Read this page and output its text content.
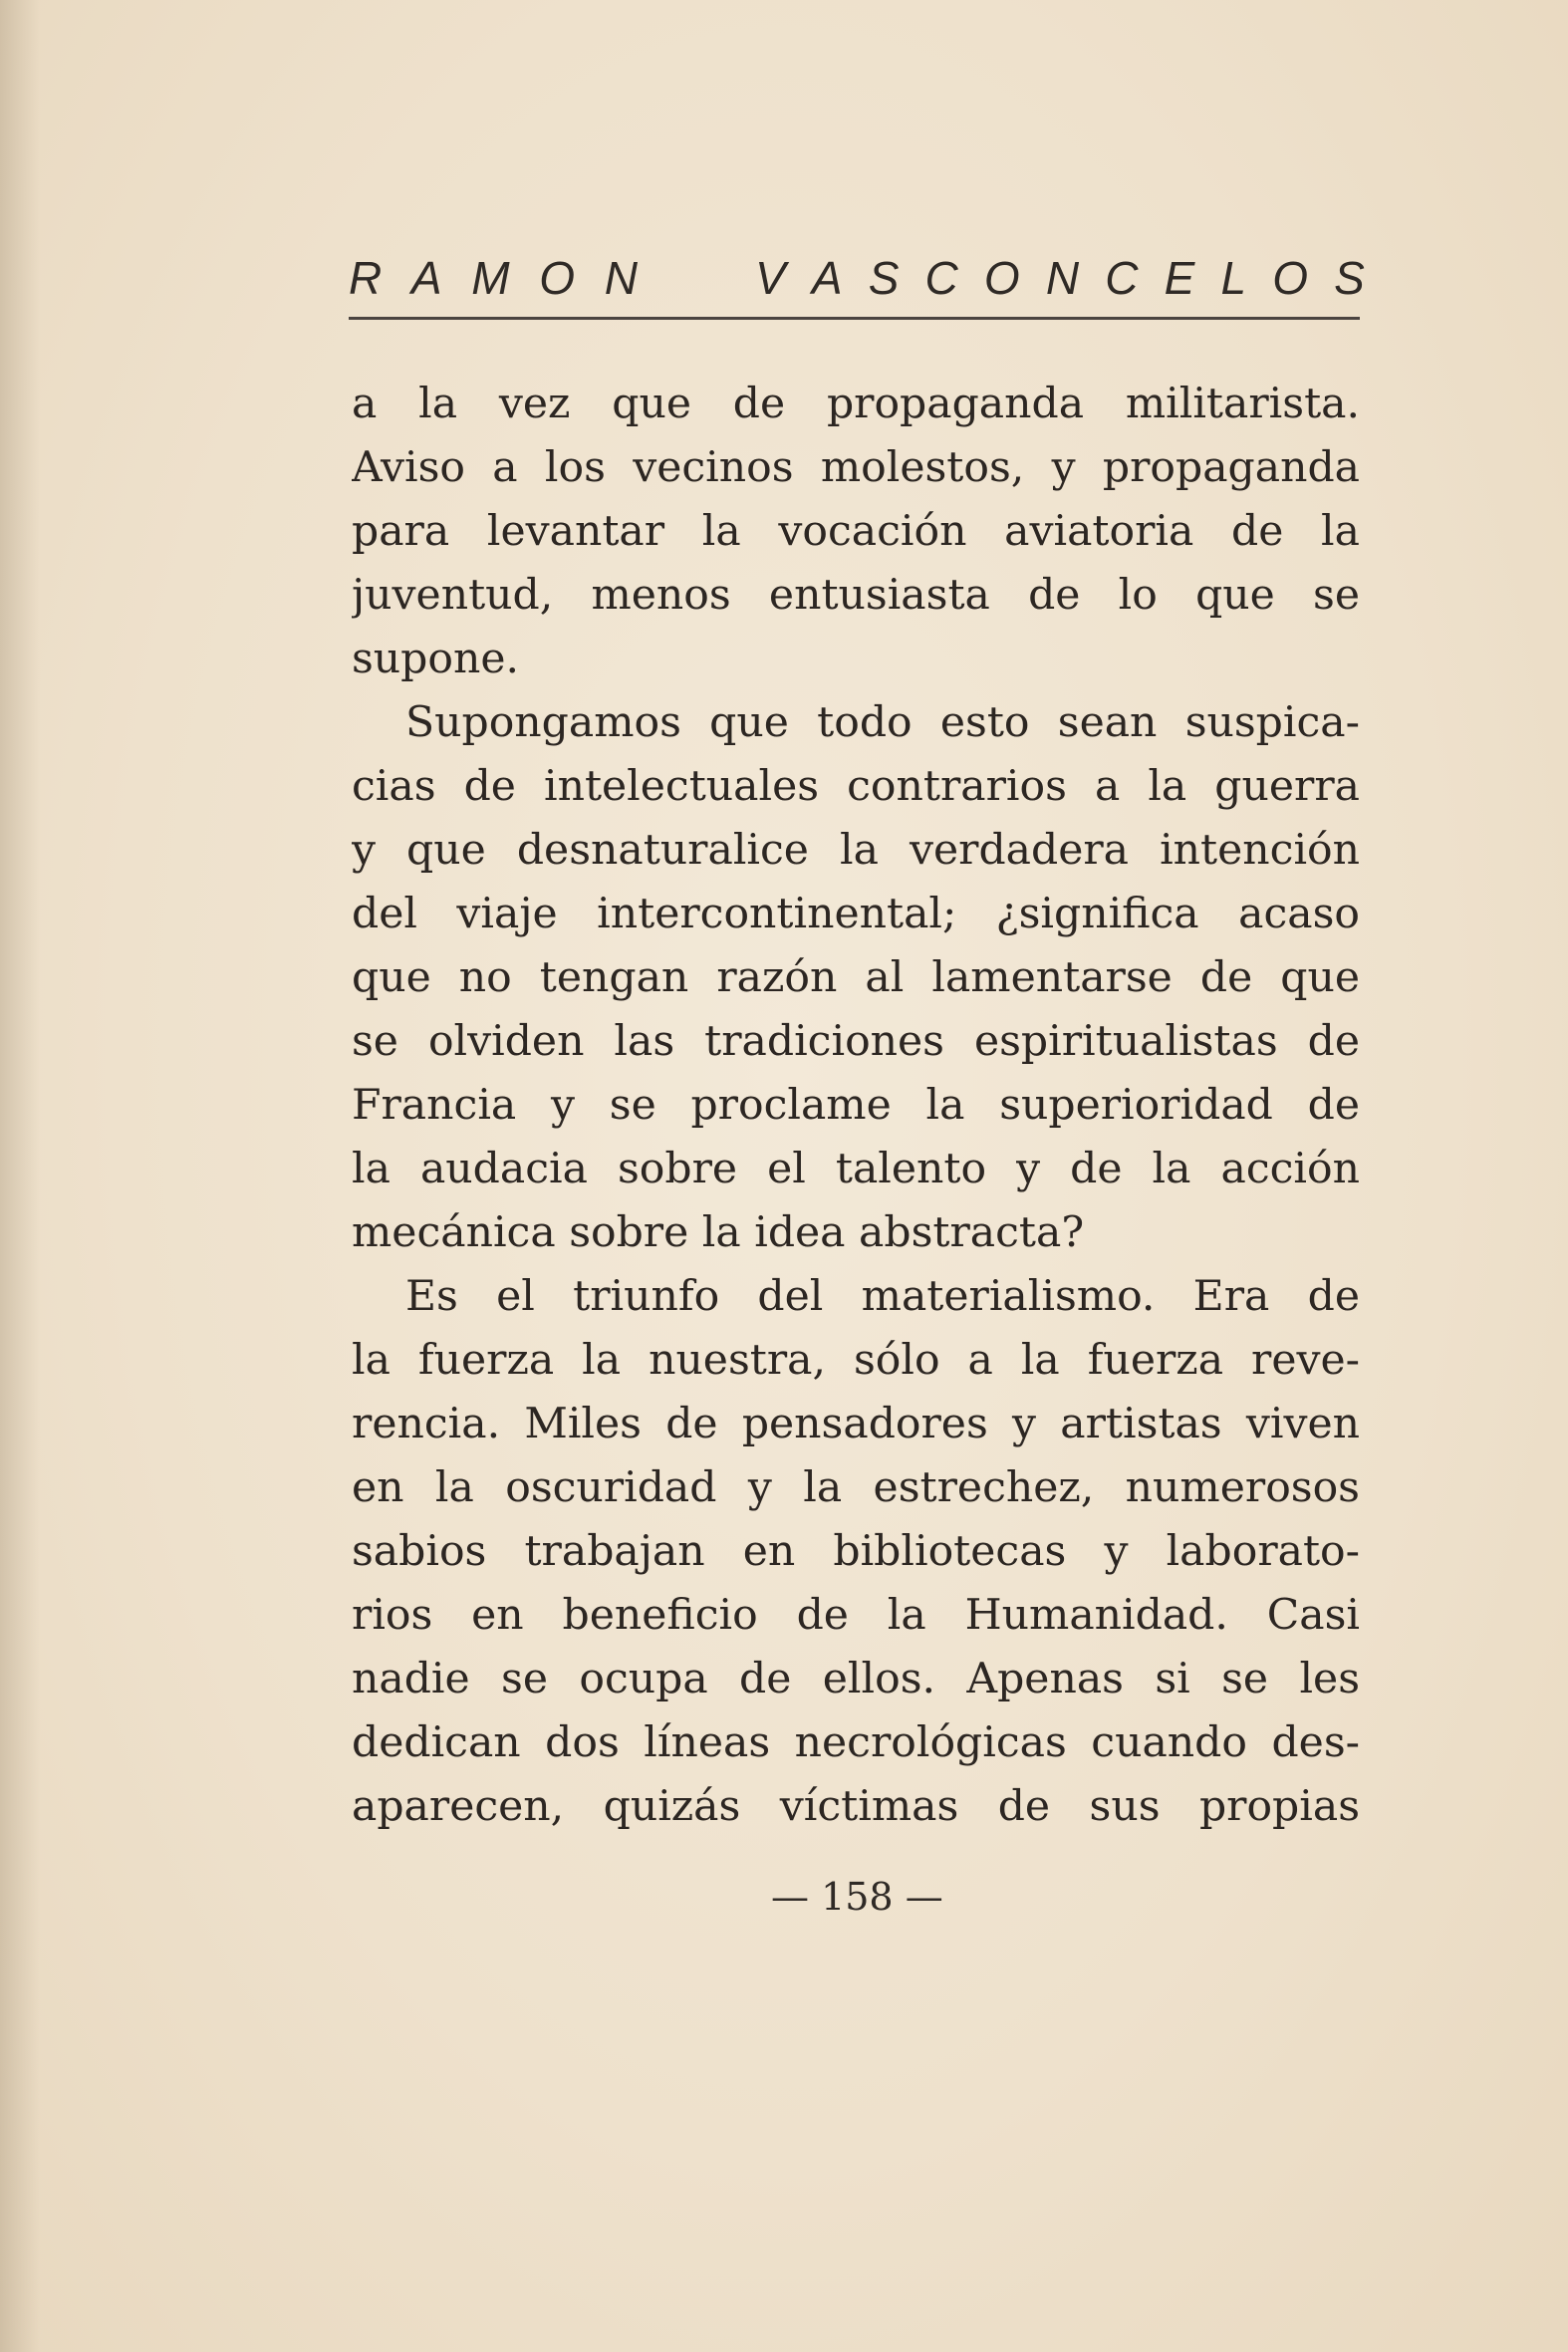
R A M O N	V A S C O N C E L O S
a la vez que de propaganda militarista.
Aviso a los vecinos molestos, y propaganda
para levantar la vocación aviatoria de la
juventud, menos entusiasta de lo que se
supone.
Supongamos que todo esto sean suspica-
cias de intelectuales contrarios a la guerra
y que desnaturalice la verdadera intención
del viaje intercontinental; ¿significa acaso
que no tengan razón al lamentarse de que
se olviden las tradiciones espiritualistas de
Francia y se proclame la superioridad de
la audacia sobre el talento y de la acción
mecánica sobre la idea abstracta?
Es el triunfo del materialismo. Era de
la fuerza la nuestra, sólo a la fuerza reve-
rencia. Miles de pensadores y artistas viven
en la oscuridad y la estrechez, numerosos
sabios trabajan en bibliotecas y laborato-
rios en beneficio de la Humanidad. Casi
nadie se ocupa de ellos. Apenas si se les
dedican dos líneas necrológicas cuando des-
aparecen, quizás víctimas de sus propias
— 158 —
